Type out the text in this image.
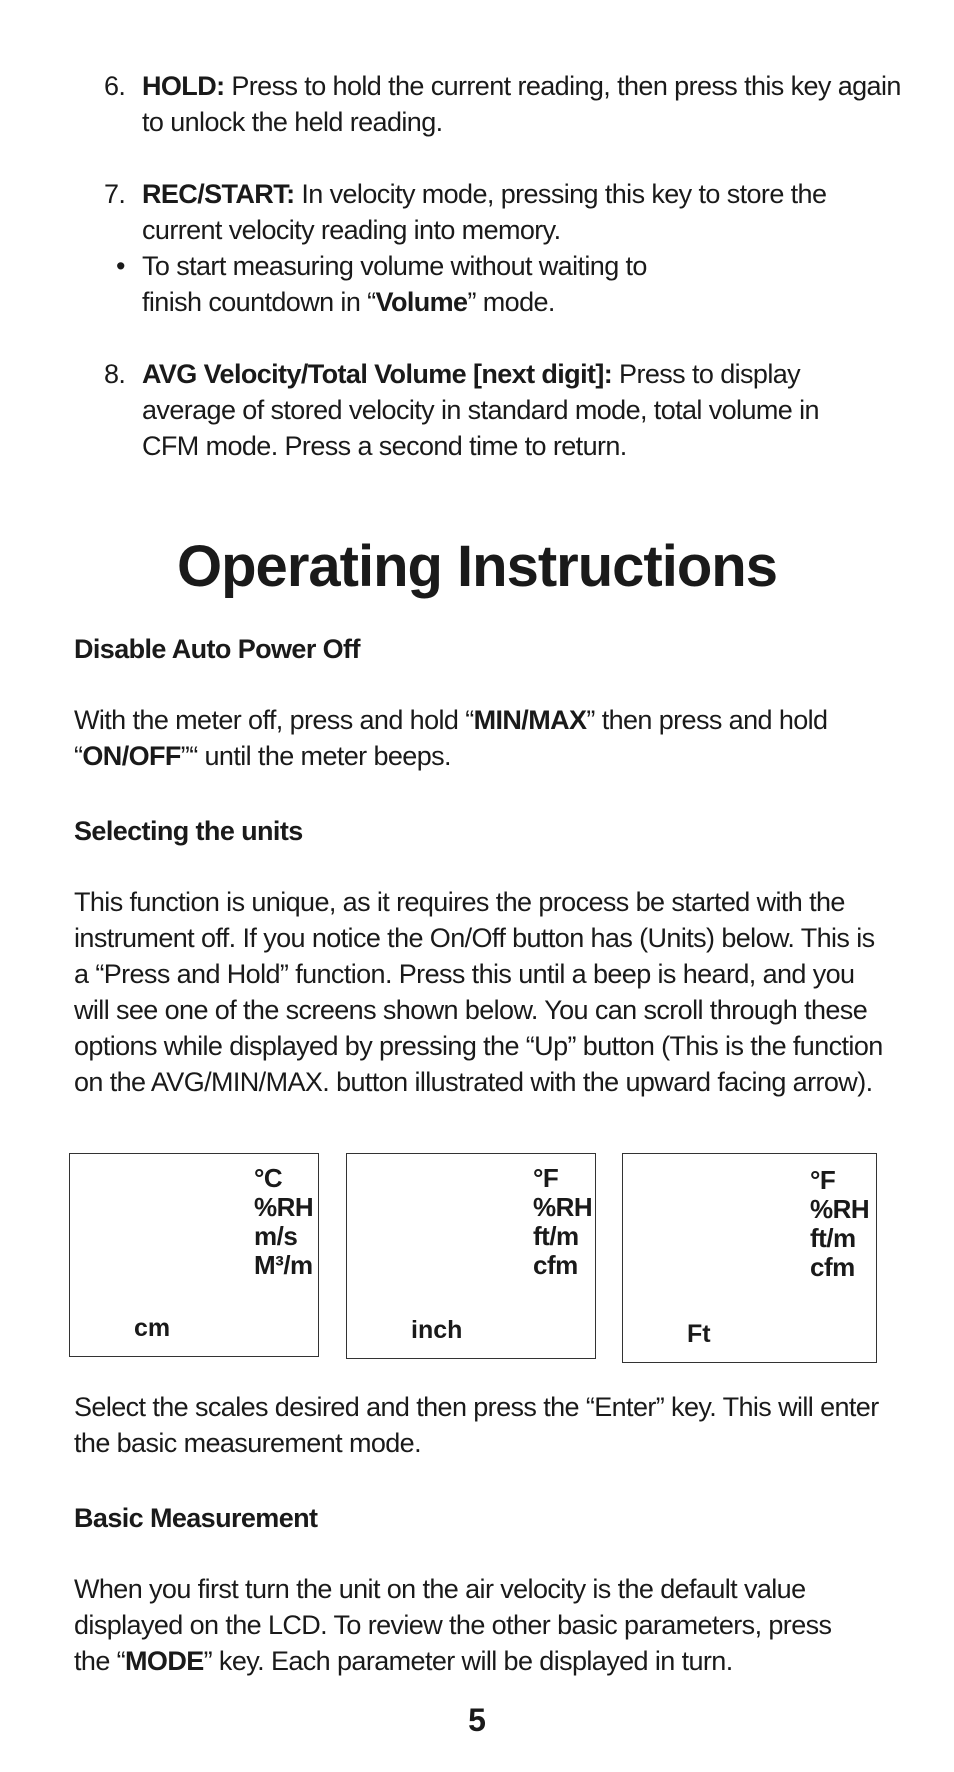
6. HOLD: Press to hold the current reading, then press this key again to unlock the held reading.
7. REC/START: In velocity mode, pressing this key to store the current velocity reading into memory.
• To start measuring volume without waiting to finish countdown in “Volume” mode.
8. AVG Velocity/Total Volume [next digit]: Press to display average of stored velocity in standard mode, total volume in CFM mode. Press a second time to return.
Operating Instructions
Disable Auto Power Off
With the meter off, press and hold “MIN/MAX” then press and hold “ON/OFF”“ until the meter beeps.
Selecting the units
This function is unique, as it requires the process be started with the instrument off. If you notice the On/Off button has (Units) below. This is a “Press and Hold” function. Press this until a beep is heard, and you will see one of the screens shown below. You can scroll through these options while displayed by pressing the “Up” button (This is the function on the AVG/MIN/MAX. button illustrated with the upward facing arrow).
°C
%RH
m/s
M³/m
cm
°F
%RH
ft/m
cfm
inch
°F
%RH
ft/m
cfm
Ft
Select the scales desired and then press the “Enter” key. This will enter the basic measurement mode.
Basic Measurement
When you first turn the unit on the air velocity is the default value displayed on the LCD. To review the other basic parameters, press the “MODE” key. Each parameter will be displayed in turn.
5
